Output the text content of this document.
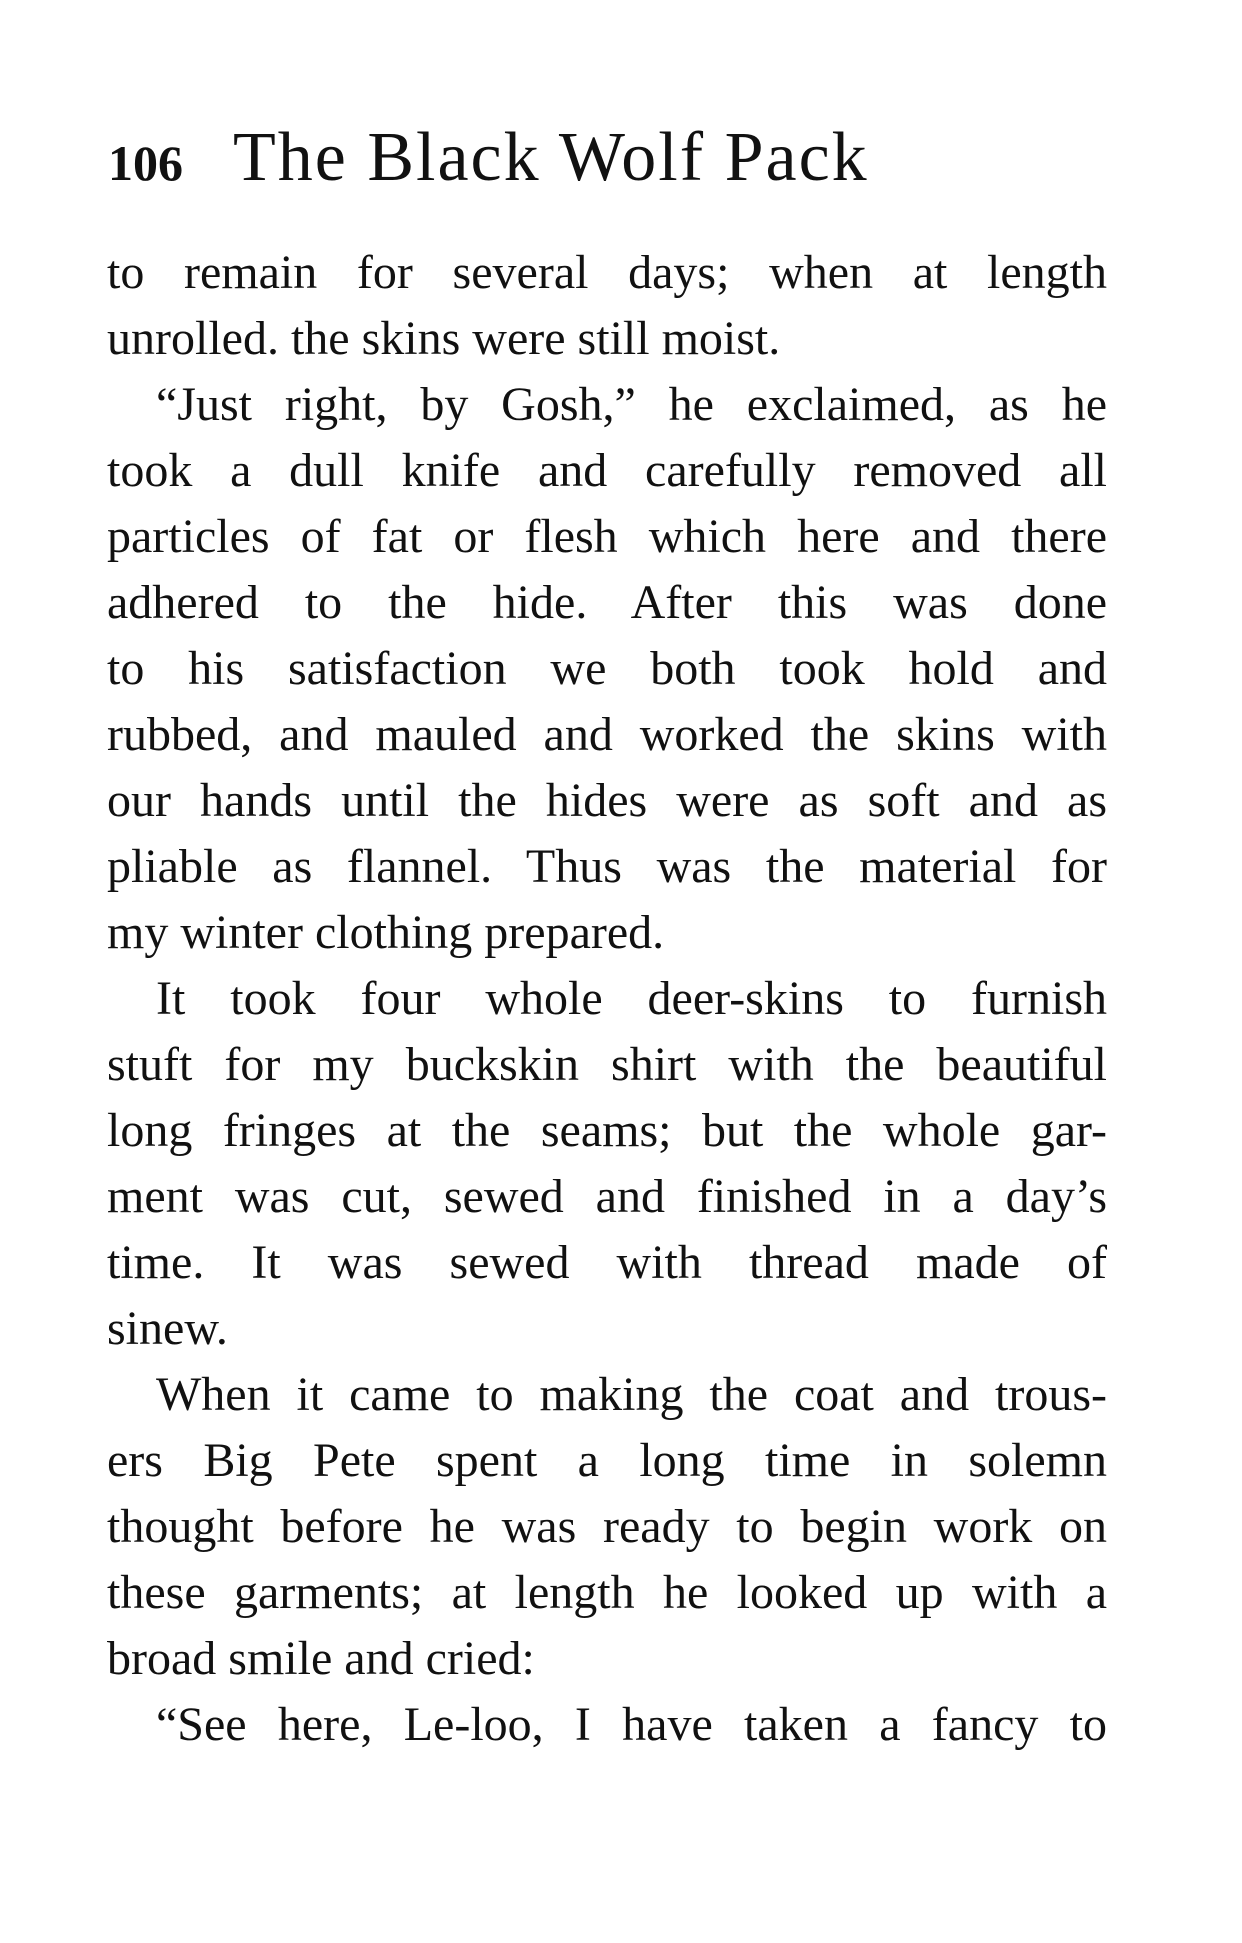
106 The Black Wolf Pack
to remain for several days; when at length
unrolled. the skins were still moist.
“Just right, by Gosh,” he exclaimed, as he
took a dull knife and carefully removed all
particles of fat or flesh which here and there
adhered to the hide. After this was done
to his satisfaction we both took hold and
rubbed, and mauled and worked the skins with
our hands until the hides were as soft and as
pliable as flannel. Thus was the material for
my winter clothing prepared.
It took four whole deer-skins to furnish
stuft for my buckskin shirt with the beautiful
long fringes at the seams; but the whole gar-
ment was cut, sewed and finished in a day’s
time. It was sewed with thread made of
sinew.
When it came to making the coat and trous-
ers Big Pete spent a long time in solemn
thought before he was ready to begin work on
these garments; at length he looked up with a
broad smile and cried:
“See here, Le-loo, I have taken a fancy to
